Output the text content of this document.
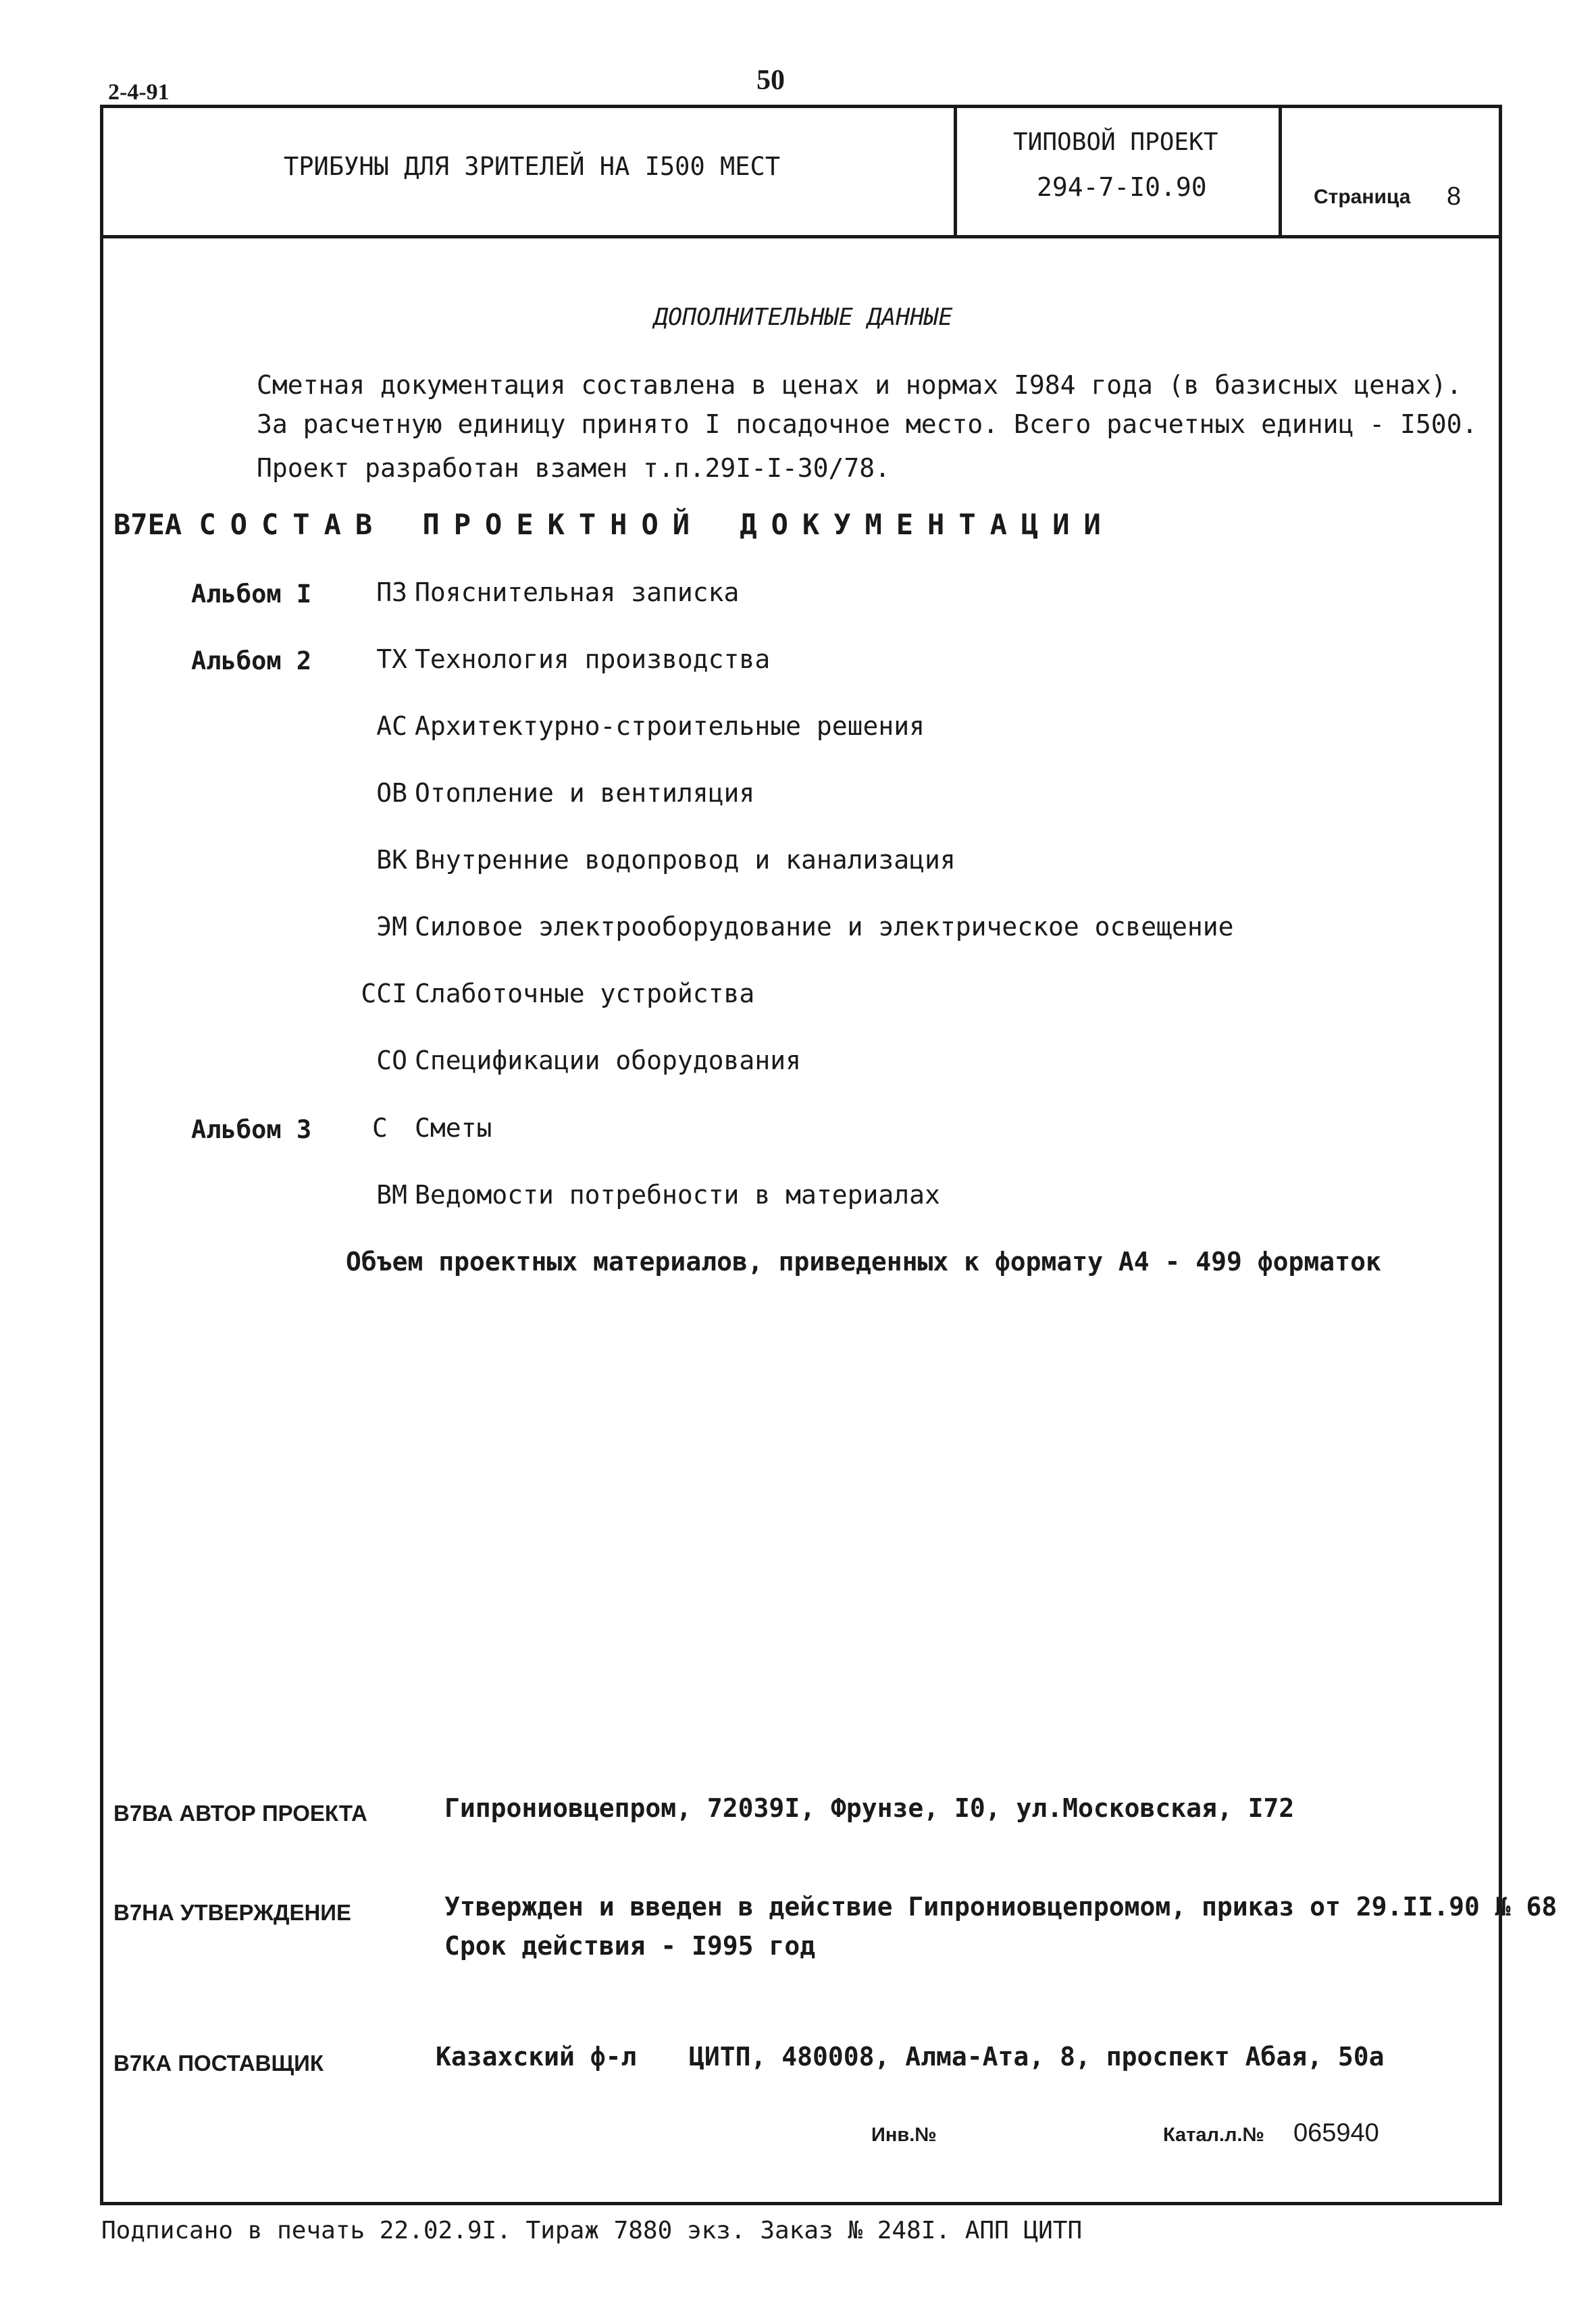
2-4-91	50
ТРИБУНЫ ДЛЯ ЗРИТЕЛЕЙ НА I500 МЕСТ
ТИПОВОЙ ПРОЕКТ
294-7-I0.90	Страница 8
ДОПОЛНИТЕЛЬНЫЕ ДАННЫЕ
Сметная документация составлена в ценах и нормах I984 года (в базисных ценах).
За расчетную единицу принято I посадочное место. Всего расчетных единиц - I500.
Проект разработан взамен т.п.29I-I-30/78.
B7EA СОСТАВ ПРОЕКТНОЙ ДОКУМЕНТАЦИИ
Альбом I	ПЗ Пояснительная записка
Альбом 2	ТХ Технология производства
АС Архитектурно-строительные решения
ОВ Отопление и вентиляция
ВК Внутренние водопровод и канализация
ЭМ Силовое электрооборудование и электрическое освещение
ССI Слаботочные устройства
СО Спецификации оборудования
Альбом 3	С	Сметы
ВМ Ведомости потребности в материалах
Объем проектных материалов, приведенных к формату А4 - 499 форматок
В7ВА АВТОР ПРОЕКТА	Гипрониовцепром, 72039I, Фрунзе, I0, ул.Московская, I72
В7НА УТВЕРЖДЕНИЕ	Утвержден и введен в действие Гипрониовцепромом, приказ от 29.II.90 № 68
Срок действия - I995 год
В7КА ПОСТАВЩИК	Казахский ф-л ЦИТП, 480008, Алма-Ата, 8, проспект Абая, 50а
Инв.№	Катал.л.№ 065940
Подписано в печать 22.02.9I. Тираж 7880 экз. Заказ № 248I. АПП ЦИТП
